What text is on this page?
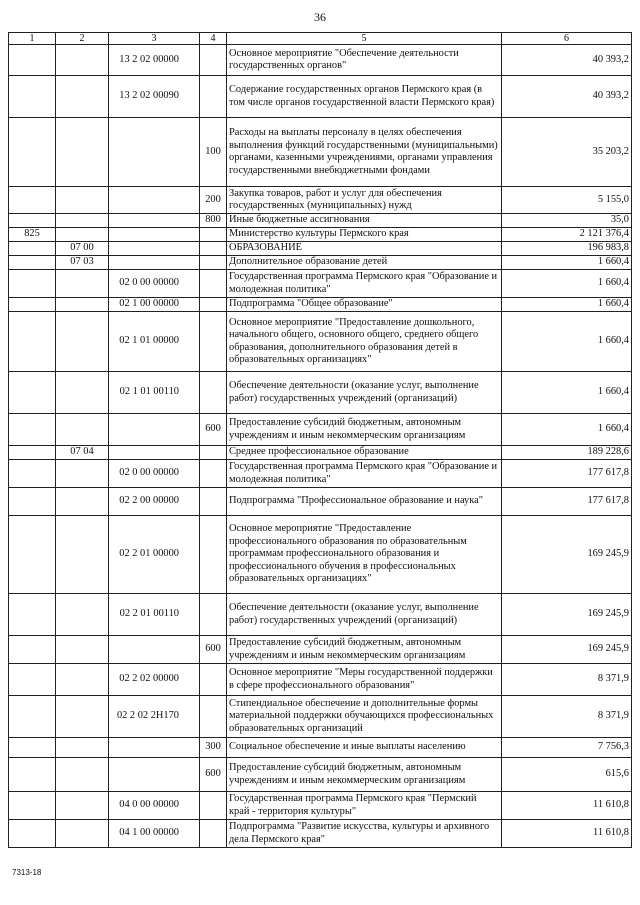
36
1	2	3	4	5	6
		13 2 02 00000		Основное мероприятие "Обеспечение деятельности государственных органов"	40 393,2
		13 2 02 00090		Содержание государственных органов Пермского края (в том числе органов государственной власти Пермского края)	40 393,2
			100	Расходы на выплаты персоналу в целях обеспечения выполнения функций государственными (муниципальными) органами, казенными учреждениями, органами управления государственными внебюджетными фондами	35 203,2
			200	Закупка товаров, работ и услуг для обеспечения государственных (муниципальных) нужд	5 155,0
			800	Иные бюджетные ассигнования	35,0
825				Министерство культуры Пермского края	2 121 376,4
	07 00			ОБРАЗОВАНИЕ	196 983,8
	07 03			Дополнительное образование детей	1 660,4
		02 0 00 00000		Государственная программа Пермского края "Образование и молодежная политика"	1 660,4
		02 1 00 00000		Подпрограмма "Общее образование"	1 660,4
		02 1 01 00000		Основное мероприятие "Предоставление дошкольного, начального общего, основного общего, среднего общего образования, дополнительного образования детей в образовательных организациях"	1 660,4
		02 1 01 00110		Обеспечение деятельности (оказание услуг, выполнение работ) государственных учреждений (организаций)	1 660,4
			600	Предоставление субсидий бюджетным, автономным учреждениям и иным некоммерческим организациям	1 660,4
	07 04			Среднее профессиональное образование	189 228,6
		02 0 00 00000		Государственная программа Пермского края "Образование и молодежная политика"	177 617,8
		02 2 00 00000		Подпрограмма "Профессиональное образование и наука"	177 617,8
		02 2 01 00000		Основное мероприятие "Предоставление профессионального образования по образовательным программам профессионального образования и профессионального обучения в профессиональных образовательных организациях"	169 245,9
		02 2 01 00110		Обеспечение деятельности (оказание услуг, выполнение работ) государственных учреждений (организаций)	169 245,9
			600	Предоставление субсидий бюджетным, автономным учреждениям и иным некоммерческим организациям	169 245,9
		02 2 02 00000		Основное мероприятие "Меры государственной поддержки в сфере профессионального образования"	8 371,9
		02 2 02 2Н170		Стипендиальное обеспечение и дополнительные формы материальной поддержки обучающихся профессиональных образовательных организаций	8 371,9
			300	Социальное обеспечение и иные выплаты населению	7 756,3
			600	Предоставление субсидий бюджетным, автономным учреждениям и иным некоммерческим организациям	615,6
		04 0 00 00000		Государственная программа Пермского края "Пермский край - территория культуры"	11 610,8
		04 1 00 00000		Подпрограмма "Развитие искусства, культуры и архивного дела Пермского края"	11 610,8
7313-18
